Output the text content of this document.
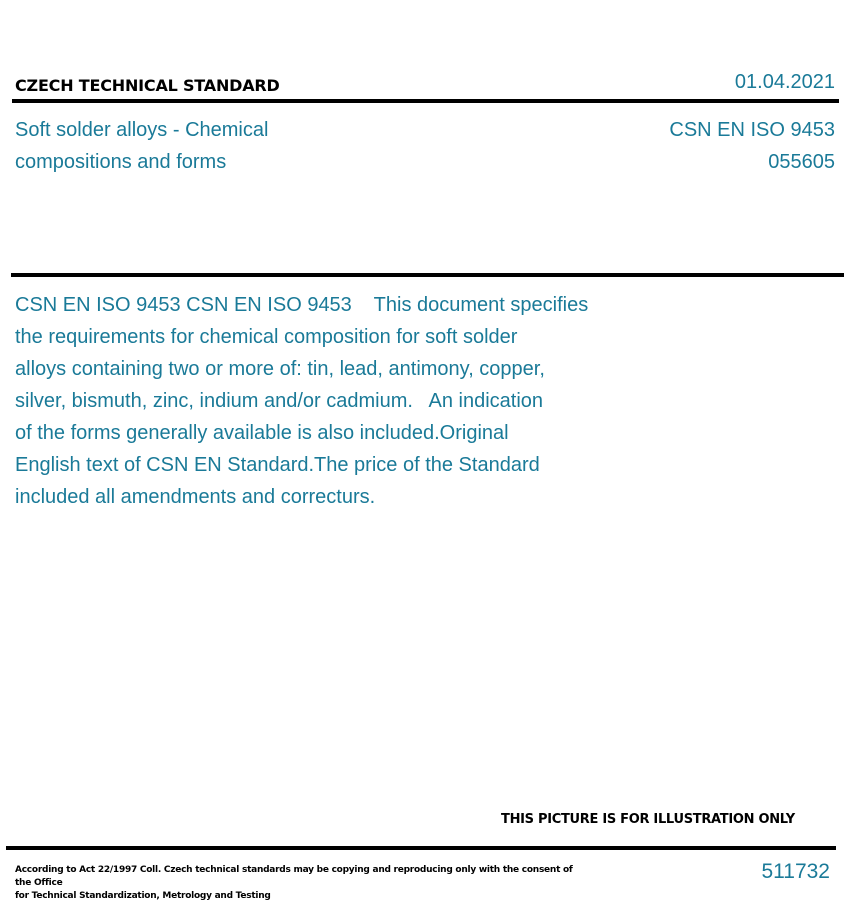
CZECH TECHNICAL STANDARD	01.04.2021
Soft solder alloys - Chemical
compositions and forms
CSN EN ISO 9453
055605
CSN EN ISO 9453 CSN EN ISO 9453    This document specifies
the requirements for chemical composition for soft solder
alloys containing two or more of: tin, lead, antimony, copper,
silver, bismuth, zinc, indium and/or cadmium.   An indication
of the forms generally available is also included.Original
English text of CSN EN Standard.The price of the Standard
included all amendments and correcturs.
THIS PICTURE IS FOR ILLUSTRATION ONLY
According to Act 22/1997 Coll. Czech technical standards may be copying and reproducing only with the consent of the Office
for Technical Standardization, Metrology and Testing
511732
